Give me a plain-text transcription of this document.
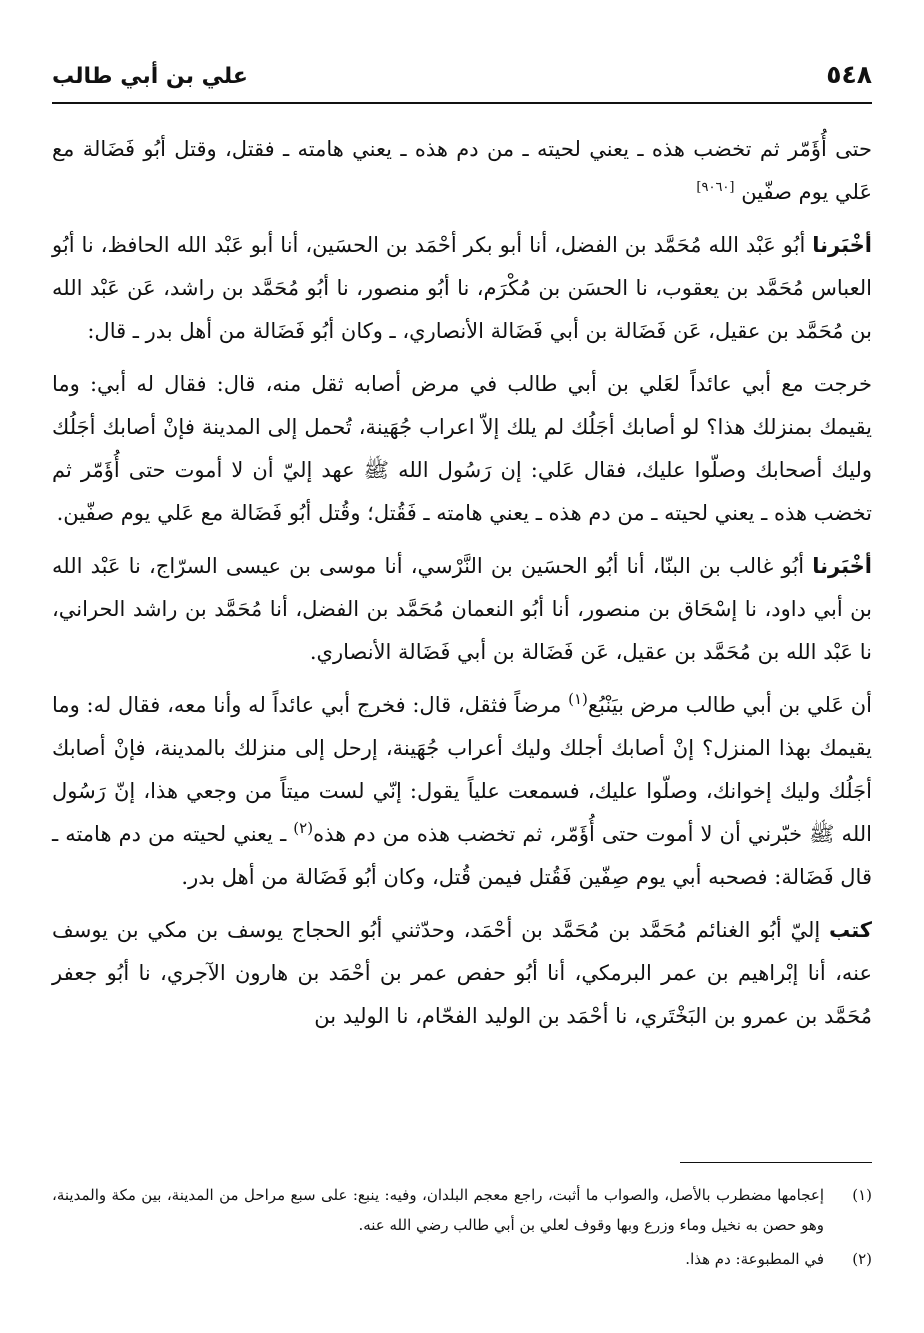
٥٤٨
علي بن أبي طالب

حتى أُؤَمّر ثم تخضب هذه ـ يعني لحيته ـ من دم هذه ـ يعني هامته ـ فقتل، وقتل أبُو فَضَالة مع عَلي يوم صفّين [٩٠٦٠]

أخْبَرنا أبُو عَبْد الله مُحَمَّد بن الفضل، أنا أبو بكر أحْمَد بن الحسَين، أنا أبو عَبْد الله الحافظ، نا أبُو العباس مُحَمَّد بن يعقوب، نا الحسَن بن مُكْرَم، نا أبُو منصور، نا أبُو مُحَمَّد بن راشد، عَن عَبْد الله بن مُحَمَّد بن عقيل، عَن فَضَالة بن أبي فَضَالة الأنصاري، ـ وكان أبُو فَضَالة من أهل بدر ـ قال:

خرجت مع أبي عائداً لعَلي بن أبي طالب في مرض أصابه ثقل منه، قال: فقال له أبي: وما يقيمك بمنزلك هذا؟ لو أصابك أجَلُك لم يلك إلاّ اعراب جُهَينة، تُحمل إلى المدينة فإنْ أصابك أجَلُك وليك أصحابك وصلّوا عليك، فقال عَلي: إن رَسُول الله ﷺ عهد إليّ أن لا أموت حتى أُؤَمّر ثم تخضب هذه ـ يعني لحيته ـ من دم هذه ـ يعني هامته ـ فَقُتل؛ وقُتل أبُو فَضَالة مع عَلي يوم صفّين.

أخْبَرنا أبُو غالب بن البنّا، أنا أبُو الحسَين بن النَّرْسي، أنا موسى بن عيسى السرّاج، نا عَبْد الله بن أبي داود، نا إسْحَاق بن منصور، أنا أبُو النعمان مُحَمَّد بن الفضل، أنا مُحَمَّد بن راشد الحراني، نا عَبْد الله بن مُحَمَّد بن عقيل، عَن فَضَالة بن أبي فَضَالة الأنصاري.

أن عَلي بن أبي طالب مرض بيَنْبُع$^{(١)}$ مرضاً فثقل، قال: فخرج أبي عائداً له وأنا معه، فقال له: وما يقيمك بهذا المنزل؟ إنْ أصابك أجلك وليك أعراب جُهَينة، إرحل إلى منزلك بالمدينة، فإنْ أصابك أجَلُك وليك إخوانك، وصلّوا عليك، فسمعت علياً يقول: إنّي لست ميتاً من وجعي هذا، إنّ رَسُول الله ﷺ خبّرني أن لا أموت حتى أُؤَمّر، ثم تخضب هذه من دم هذه$^{(٢)}$ ـ يعني لحيته من دم هامته ـ قال فَضَالة: فصحبه أبي يوم صِفّين فَقُتل فيمن قُتل، وكان أبُو فَضَالة من أهل بدر.

كتب إليّ أبُو الغنائم مُحَمَّد بن مُحَمَّد بن أحْمَد، وحدّثني أبُو الحجاج يوسف بن مكي بن يوسف عنه، أنا إبْراهيم بن عمر البرمكي، أنا أبُو حفص عمر بن أحْمَد بن هارون الآجري، نا أبُو جعفر مُحَمَّد بن عمرو بن البَخْتَري، نا أحْمَد بن الوليد الفحّام، نا الوليد بن

(١)
إعجامها مضطرب بالأصل، والصواب ما أثبت، راجع معجم البلدان، وفيه: ينبع: على سبع مراحل من المدينة، بين مكة والمدينة، وهو حصن به نخيل وماء وزرع وبها وقوف لعلي بن أبي طالب رضي الله عنه.
(٢)
في المطبوعة: دم هذا.
